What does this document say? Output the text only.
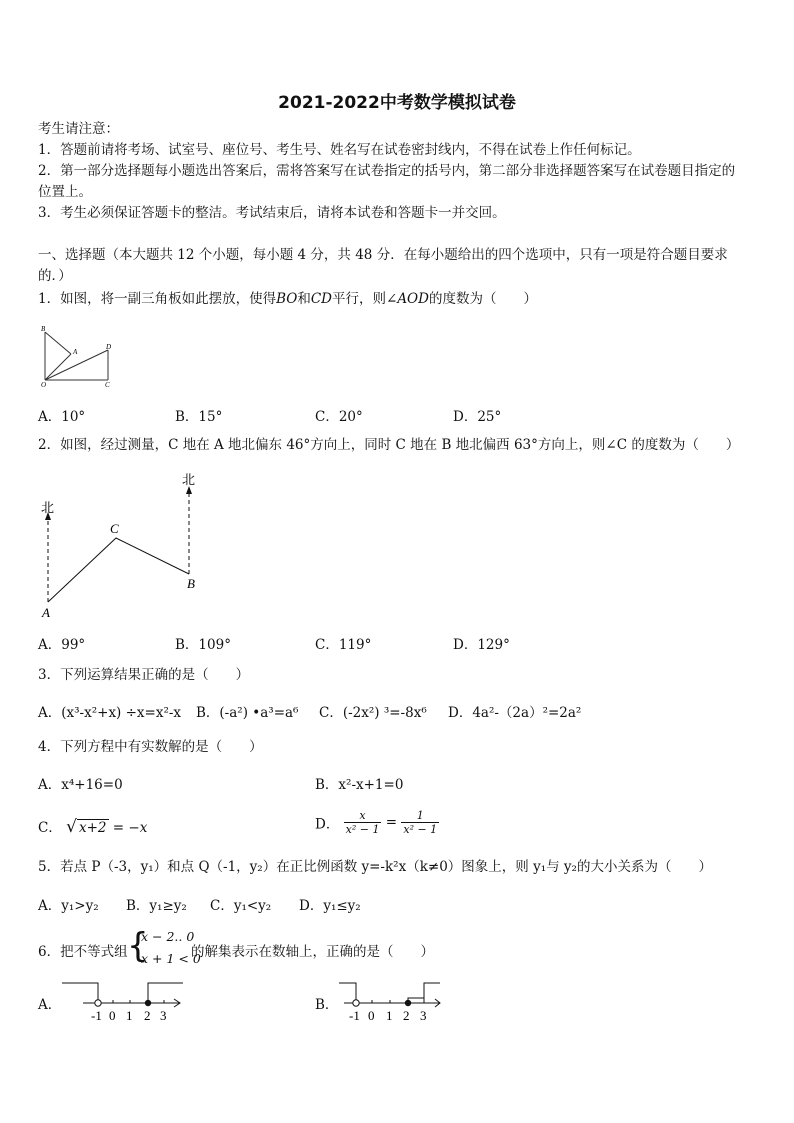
2021-2022中考数学模拟试卷
考生请注意：
1．答题前请将考场、试室号、座位号、考生号、姓名写在试卷密封线内，不得在试卷上作任何标记。
2．第一部分选择题每小题选出答案后，需将答案写在试卷指定的括号内，第二部分非选择题答案写在试卷题目指定的
位置上。
3．考生必须保证答题卡的整洁。考试结束后，请将本试卷和答题卡一并交回。
一、选择题（本大题共 12 个小题，每小题 4 分，共 48 分．在每小题给出的四个选项中，只有一项是符合题目要求
的．）
1．如图，将一副三角板如此摆放，使得BO和CD平行，则∠AOD的度数为（　　）
B
A
D
O	C
A．10°	B．15°	C．20°	D．25°
2．如图，经过测量，C 地在 A 地北偏东 46°方向上，同时 C 地在 B 地北偏西 63°方向上，则∠C 的度数为（　　）
北
北
C
B
A
A．99°	B．109°	C．119°	D．129°
3．下列运算结果正确的是（　　）
A．(x³-x²+x) ÷x=x²-x B．(-a²) •a³=a⁶ C．(-2x²) ³=-8x⁶ D．4a²-（2a）²=2a²
4．下列方程中有实数解的是（　　）
A．x⁴+16=0	B．x²-x+1=0
C． √ x+2 = −x	D． $\frac{x}{\text{x² − 1}} = \frac{1}{\text{x² − 1}}$
5．若点 P（-3，y₁）和点 Q（-1，y₂）在正比例函数 y=-k²x（k≠0）图象上，则 y₁与 y₂的大小关系为（　　）
A．y₁>y₂ B．y₁≥y₂ C．y₁<y₂ D．y₁≤y₂
6．把不等式组 {
x − 2.. 0
x + 1 < 0
的解集表示在数轴上，正确的是（　　）
A．
-1 0 1 2 3
B．
-1 0 1 2 3
